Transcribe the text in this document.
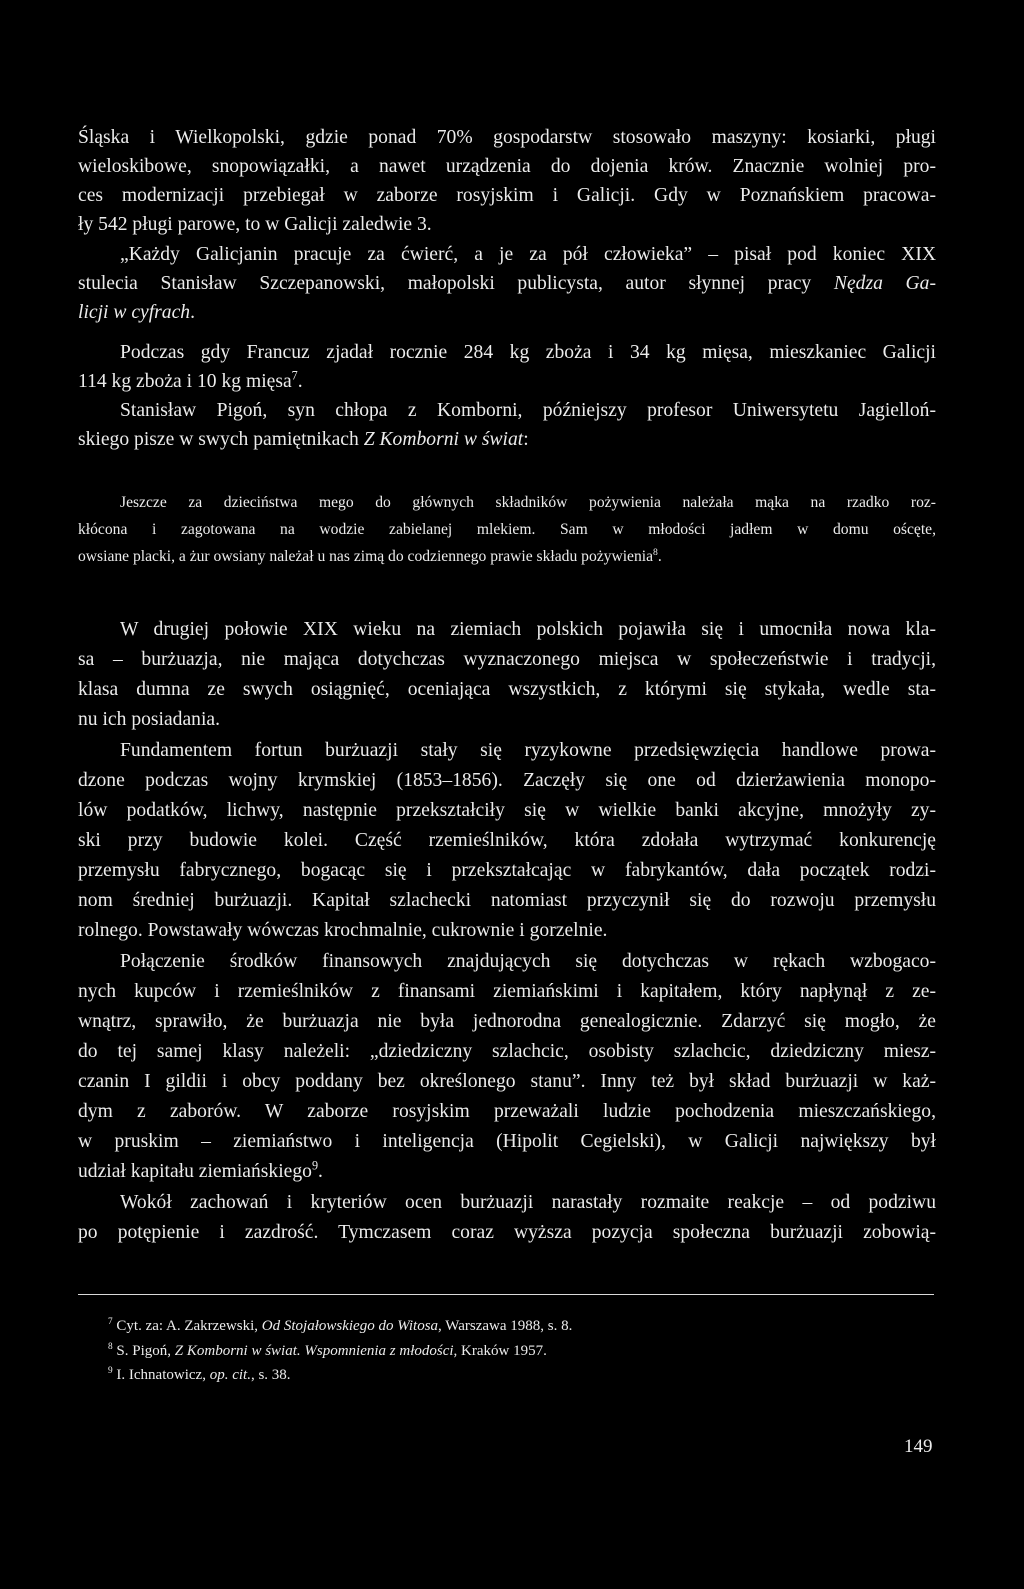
Śląska i Wielkopolski, gdzie ponad 70% gospodarstw stosowało maszyny: kosiarki, pługi
wieloskibowe, snopowiązałki, a nawet urządzenia do dojenia krów. Znacznie wolniej pro-
ces modernizacji przebiegał w zaborze rosyjskim i Galicji. Gdy w Poznańskiem pracowa-
ły 542 pługi parowe, to w Galicji zaledwie 3.
„Każdy Galicjanin pracuje za ćwierć, a je za pół człowieka” – pisał pod koniec XIX
stulecia Stanisław Szczepanowski, małopolski publicysta, autor słynnej pracy Nędza Ga-
licji w cyfrach.
Podczas gdy Francuz zjadał rocznie 284 kg zboża i 34 kg mięsa, mieszkaniec Galicji
114 kg zboża i 10 kg mięsa$^7$.
Stanisław Pigoń, syn chłopa z Komborni, późniejszy profesor Uniwersytetu Jagielloń-
skiego pisze w swych pamiętnikach Z Komborni w świat:
Jeszcze za dzieciństwa mego do głównych składników pożywienia należała mąka na rzadko roz-
kłócona i zagotowana na wodzie zabielanej mlekiem. Sam w młodości jadłem w domu oścęte,
owsiane placki, a żur owsiany należał u nas zimą do codziennego prawie składu pożywienia$^8$.
W drugiej połowie XIX wieku na ziemiach polskich pojawiła się i umocniła nowa kla-
sa – burżuazja, nie mająca dotychczas wyznaczonego miejsca w społeczeństwie i tradycji,
klasa dumna ze swych osiągnięć, oceniająca wszystkich, z którymi się stykała, wedle sta-
nu ich posiadania.
Fundamentem fortun burżuazji stały się ryzykowne przedsięwzięcia handlowe prowa-
dzone podczas wojny krymskiej (1853–1856). Zaczęły się one od dzierżawienia monopo-
lów podatków, lichwy, następnie przekształciły się w wielkie banki akcyjne, mnożyły zy-
ski przy budowie kolei. Część rzemieślników, która zdołała wytrzymać konkurencję
przemysłu fabrycznego, bogacąc się i przekształcając w fabrykantów, dała początek rodzi-
nom średniej burżuazji. Kapitał szlachecki natomiast przyczynił się do rozwoju przemysłu
rolnego. Powstawały wówczas krochmalnie, cukrownie i gorzelnie.
Połączenie środków finansowych znajdujących się dotychczas w rękach wzbogaco-
nych kupców i rzemieślników z finansami ziemiańskimi i kapitałem, który napłynął z ze-
wnątrz, sprawiło, że burżuazja nie była jednorodna genealogicznie. Zdarzyć się mogło, że
do tej samej klasy należeli: „dziedziczny szlachcic, osobisty szlachcic, dziedziczny miesz-
czanin I gildii i obcy poddany bez określonego stanu”. Inny też był skład burżuazji w każ-
dym z zaborów. W zaborze rosyjskim przeważali ludzie pochodzenia mieszczańskiego,
w pruskim – ziemiaństwo i inteligencja (Hipolit Cegielski), w Galicji największy był
udział kapitału ziemiańskiego$^9$.
Wokół zachowań i kryteriów ocen burżuazji narastały rozmaite reakcje – od podziwu
po potępienie i zazdrość. Tymczasem coraz wyższa pozycja społeczna burżuazji zobowią-
$^7$ Cyt. za: A. Zakrzewski, Od Stojałowskiego do Witosa, Warszawa 1988, s. 8.
$^8$ S. Pigoń, Z Komborni w świat. Wspomnienia z młodości, Kraków 1957.
$^9$ I. Ichnatowicz, op. cit., s. 38.
149
